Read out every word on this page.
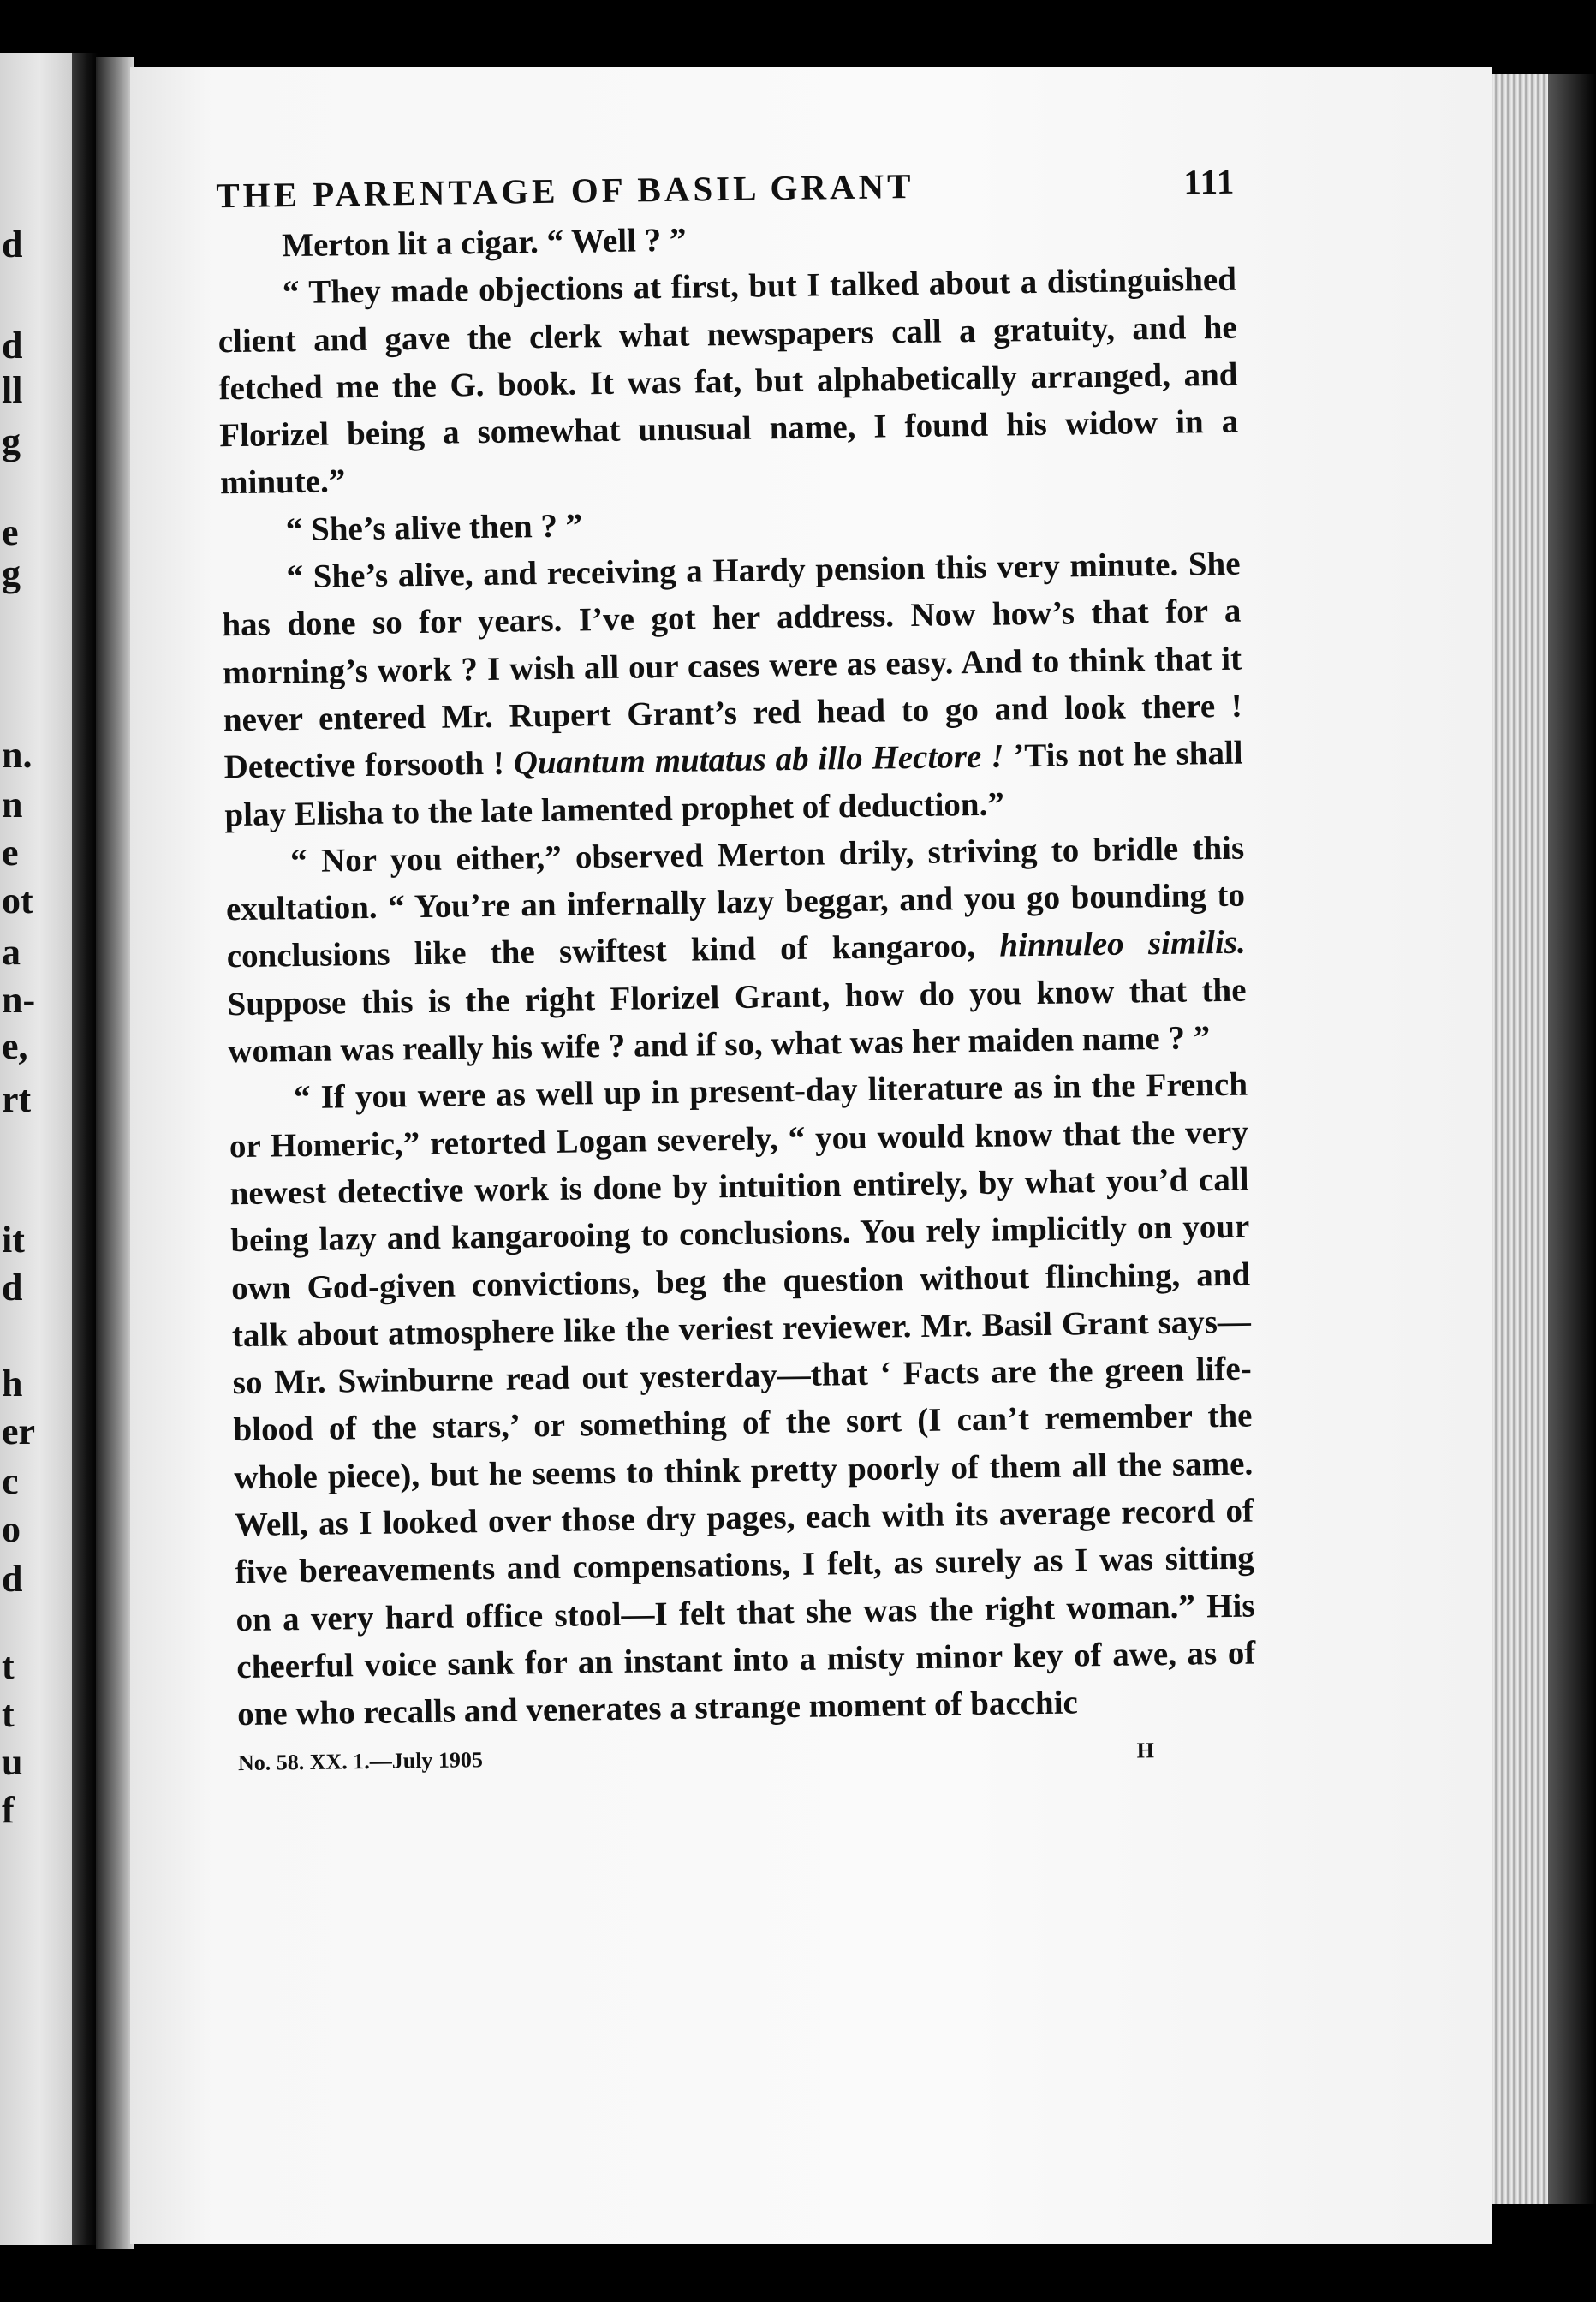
d
d
ll
g
e
g
n.
n
e
ot
a
n-
e,
rt
it
d
h
er
c
o
d
t
t
u
f
THE PARENTAGE OF BASIL GRANT	111

Merton lit a cigar. “ Well ? ”

“ They made objections at first, but I talked about a distinguished client and gave the clerk what newspapers call a gratuity, and he fetched me the G. book. It was fat, but alphabetically arranged, and Florizel being a somewhat unusual name, I found his widow in a minute.”

“ She’s alive then ? ”

“ She’s alive, and receiving a Hardy pension this very minute. She has done so for years. I’ve got her address. Now how’s that for a morning’s work ? I wish all our cases were as easy. And to think that it never entered Mr. Rupert Grant’s red head to go and look there ! Detective forsooth ! Quantum mutatus ab illo Hectore ! ’Tis not he shall play Elisha to the late lamented prophet of deduction.”

“ Nor you either,” observed Merton drily, striving to bridle this exultation. “ You’re an infernally lazy beggar, and you go bounding to conclusions like the swiftest kind of kangaroo, hinnuleo similis. Suppose this is the right Florizel Grant, how do you know that the woman was really his wife ? and if so, what was her maiden name ? ”

“ If you were as well up in present-day literature as in the French or Homeric,” retorted Logan severely, “ you would know that the very newest detective work is done by intuition entirely, by what you’d call being lazy and kangarooing to conclusions. You rely implicitly on your own God-given convictions, beg the question without flinching, and talk about atmosphere like the veriest reviewer. Mr. Basil Grant says—so Mr. Swinburne read out yesterday—that ‘ Facts are the green life-blood of the stars,’ or something of the sort (I can’t remember the whole piece), but he seems to think pretty poorly of them all the same. Well, as I looked over those dry pages, each with its average record of five bereavements and compensations, I felt, as surely as I was sitting on a very hard office stool—I felt that she was the right woman.” His cheerful voice sank for an instant into a misty minor key of awe, as of one who recalls and venerates a strange moment of bacchic

No. 58. XX. 1.—July 1905	H
